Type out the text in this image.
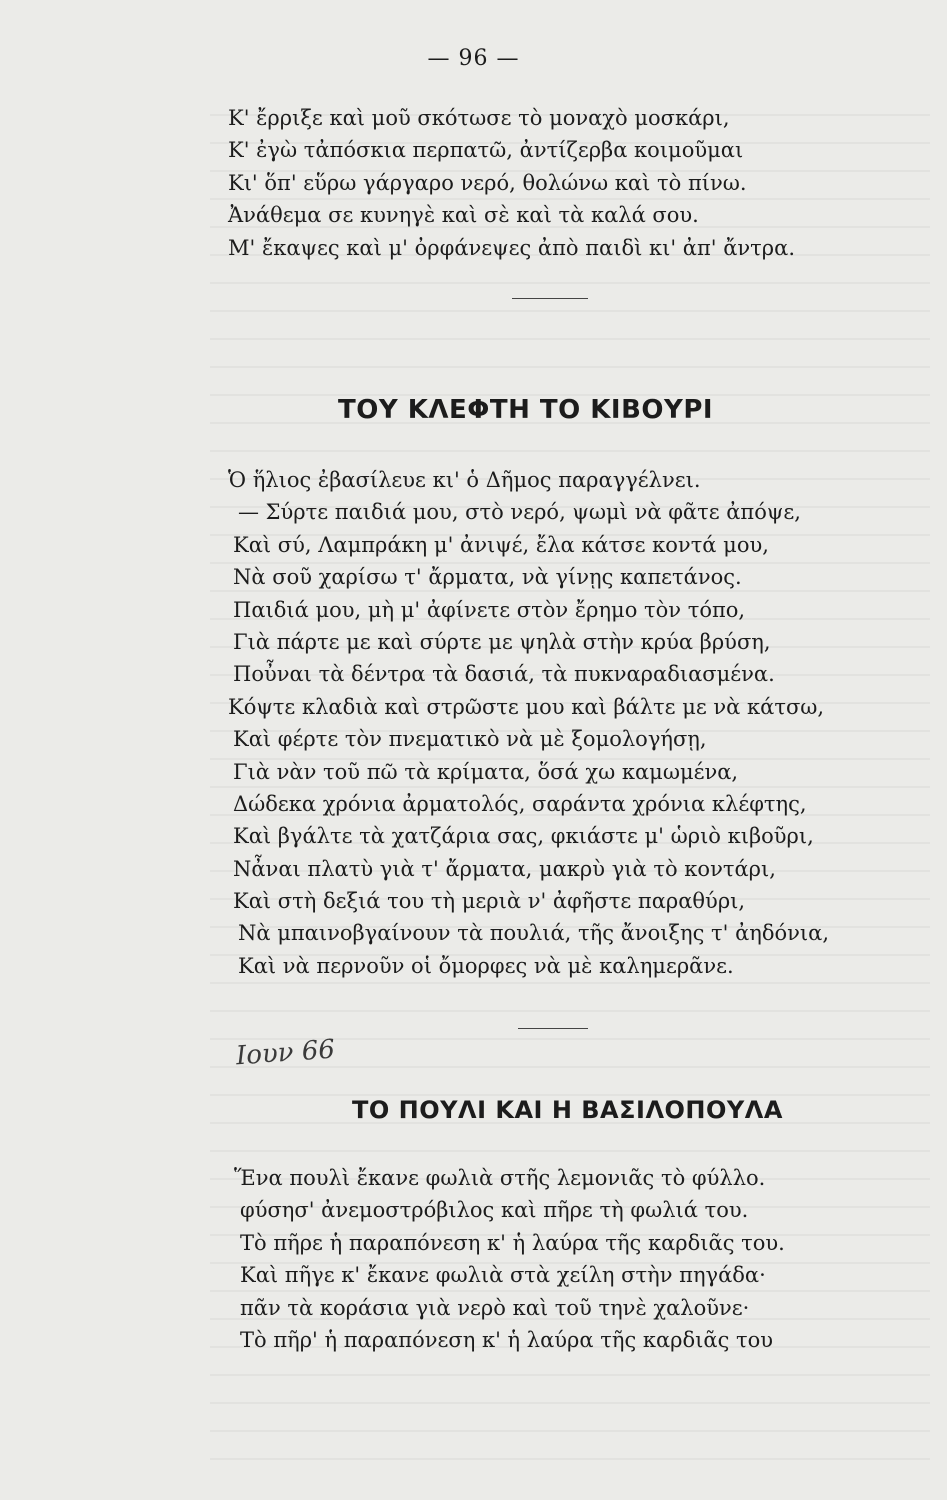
— 96 —
Κ' ἔρριξε καὶ μοῦ σκότωσε τὸ μοναχὸ μοσκάρι,
Κ' ἐγὼ τἀπόσκια περπατῶ, ἀντίζερβα κοιμοῦμαι
Κι' ὅπ' εὕρω γάργαρο νερό, θολώνω καὶ τὸ πίνω.
Ἀνάθεμα σε κυνηγὲ καὶ σὲ καὶ τὰ καλά σου.
Μ' ἔκαψες καὶ μ' ὀρφάνεψες ἀπὸ παιδὶ κι' ἀπ' ἄντρα.
ΤΟΥ ΚΛΕΦΤΗ ΤΟ ΚΙΒΟΥΡΙ
Ὁ ἥλιος ἐβασίλευε κι' ὁ Δῆμος παραγγέλνει.
— Σύρτε παιδιά μου, στὸ νερό, ψωμὶ νὰ φᾶτε ἀπόψε,
Καὶ σύ, Λαμπράκη μ' ἀνιψέ, ἔλα κάτσε κοντά μου,
Νὰ σοῦ χαρίσω τ' ἄρματα, νὰ γίνῃς καπετάνος.
Παιδιά μου, μὴ μ' ἀφίνετε στὸν ἔρημο τὸν τόπο,
Γιὰ πάρτε με καὶ σύρτε με ψηλὰ στὴν κρύα βρύση,
Ποὖναι τὰ δέντρα τὰ δασιά, τὰ πυκναραδιασμένα.
Κόψτε κλαδιὰ καὶ στρῶστε μου καὶ βάλτε με νὰ κάτσω,
Καὶ φέρτε τὸν πνεματικὸ νὰ μὲ ξομολογήσῃ,
Γιὰ νὰν τοῦ πῶ τὰ κρίματα, ὅσά χω καμωμένα,
Δώδεκα χρόνια ἀρματολός, σαράντα χρόνια κλέφτης,
Καὶ βγάλτε τὰ χατζάρια σας, φκιάστε μ' ὡριὸ κιβοῦρι,
Νἆναι πλατὺ γιὰ τ' ἄρματα, μακρὺ γιὰ τὸ κοντάρι,
Καὶ στὴ δεξιά του τὴ μεριὰ ν' ἀφῆστε παραθύρι,
Νὰ μπαινοβγαίνουν τὰ πουλιά, τῆς ἄνοιξης τ' ἀηδόνια,
Καὶ νὰ περνοῦν οἱ ὄμορφες νὰ μὲ καλημερᾶνε.
Ιουν 66
ΤΟ ΠΟΥΛΙ ΚΑΙ Η ΒΑΣΙΛΟΠΟΥΛΑ
Ἕνα πουλὶ ἔκανε φωλιὰ στῆς λεμονιᾶς τὸ φύλλο.
φύσησ' ἀνεμοστρόβιλος καὶ πῆρε τὴ φωλιά του.
Τὸ πῆρε ἡ παραπόνεση κ' ἡ λαύρα τῆς καρδιᾶς του.
Καὶ πῆγε κ' ἔκανε φωλιὰ στὰ χείλη στὴν πηγάδα·
πᾶν τὰ κοράσια γιὰ νερὸ καὶ τοῦ τηνὲ χαλοῦνε·
Τὸ πῆρ' ἡ παραπόνεση κ' ἡ λαύρα τῆς καρδιᾶς του
